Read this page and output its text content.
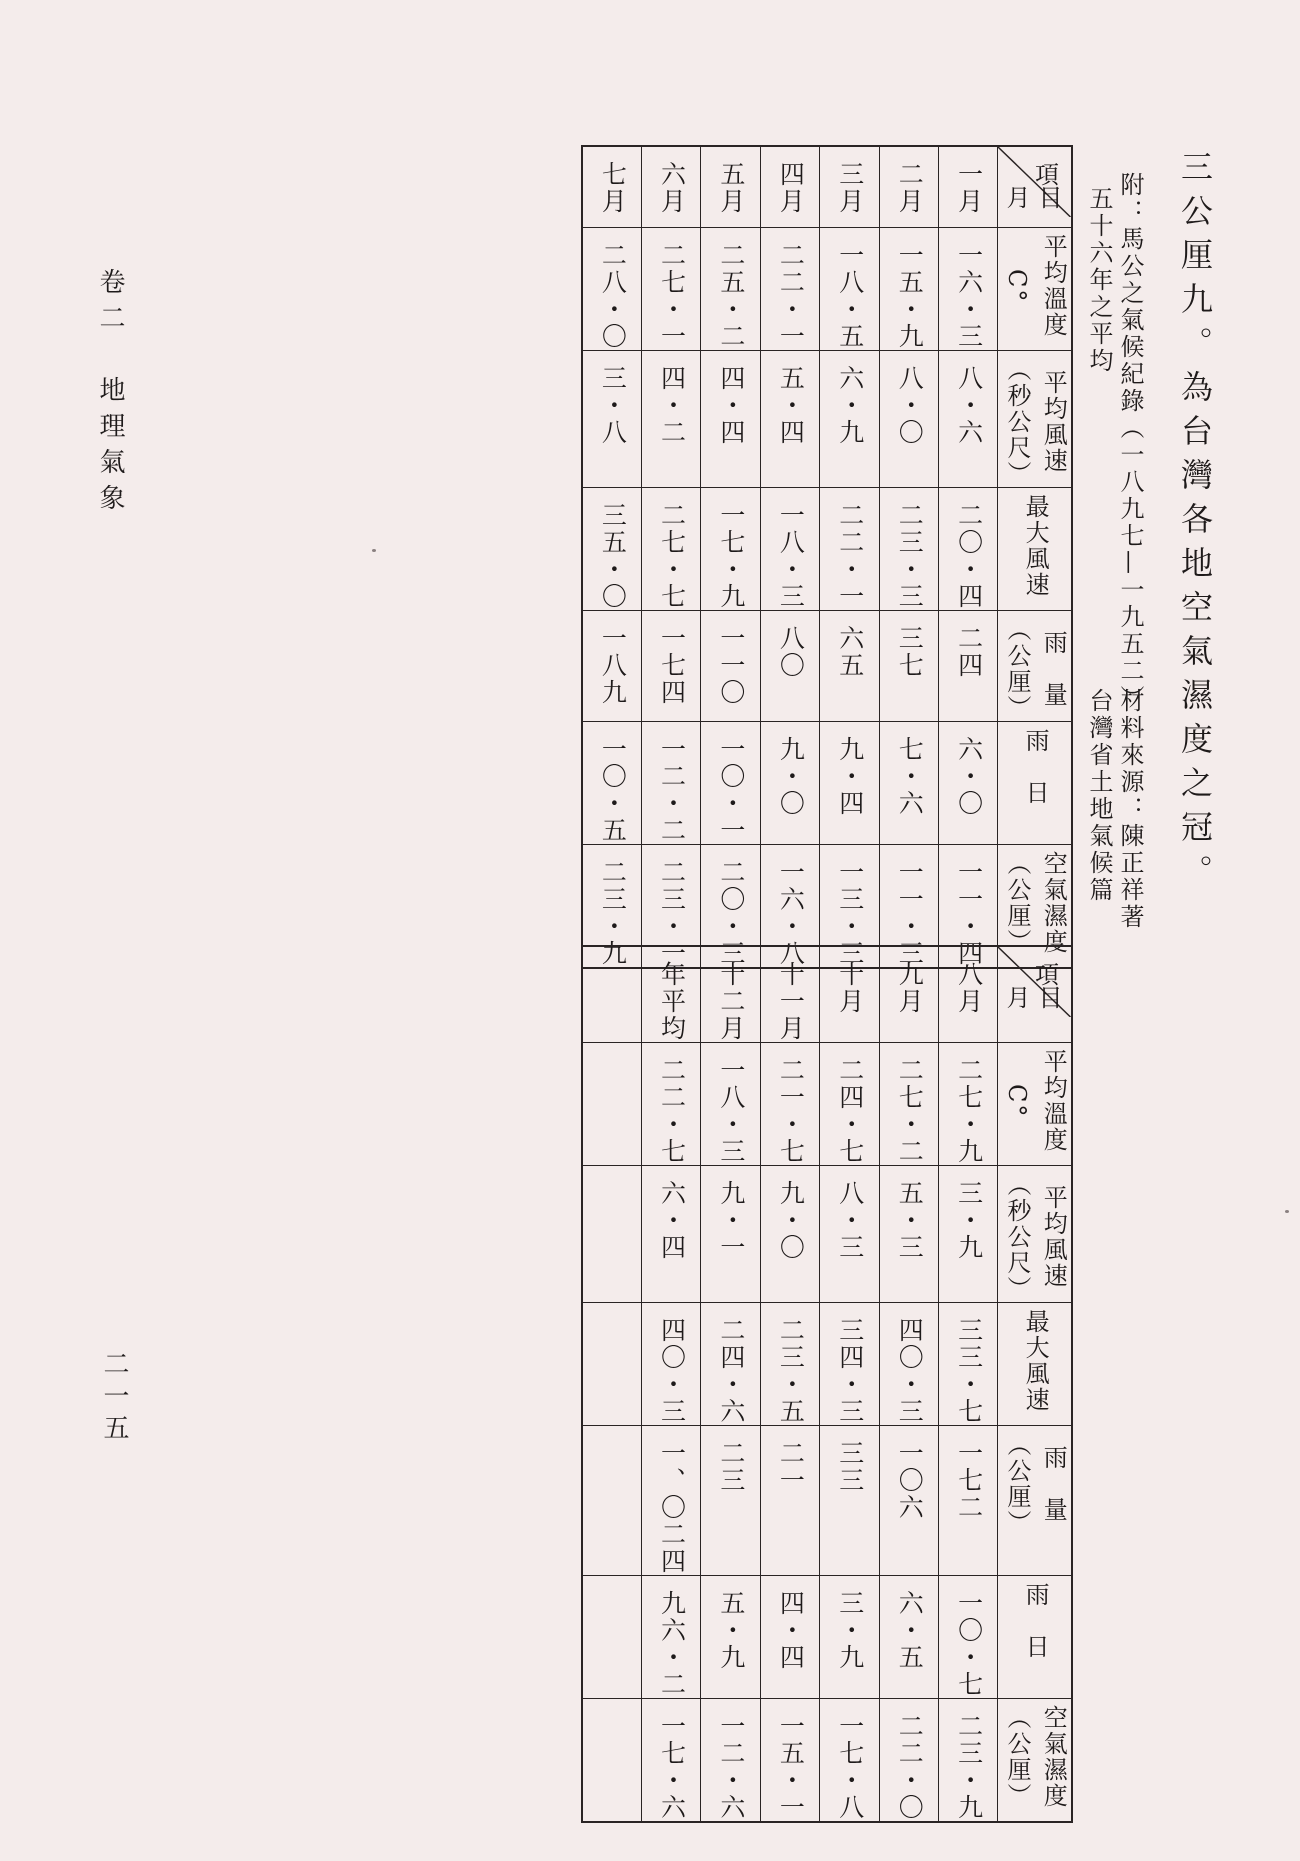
三公厘九。為台灣各地空氣濕度之冠。
附：馬公之氣候紀錄（一八九七—一九五二）
五十六年之平均
材料來源：陳正祥著
台灣省土地氣候篇
七月	六月	五月	四月	三月	二月	一月	項
月 目

二八・〇	二七・一	二五・二	二二・一	一八・五	一五・九	一六・三	平均溫度
C°

三・八	四・二	四・四	五・四	六・九	八・〇	八・六	平均風速
（秒公尺）

三五・〇	二七・七	一七・九	一八・三	二二・一	二三・三	二〇・四	最大風速

一八九	一七四	一一〇	八〇	六五	三七	二四	雨　量
（公厘）

一〇・五	一二・二	一〇・一	九・〇	九・四	七・六	六・〇	雨　日

二三・九	二三・一	二〇・三	一六・八	一三・三	一一・三	一一・四	空氣濕度
（公厘）

	年平均	十二月	十一月	十月	九月	八月	項
月 目

	二二・七	一八・三	二一・七	二四・七	二七・二	二七・九	平均溫度
C°

	六・四	九・一	九・〇	八・三	五・三	三・九	平均風速
（秒公尺）

	四〇・三	二四・六	二三・五	三四・三	四〇・三	三三・七	最大風速

	一、〇二四	二三	二一	三三	一〇六	一七二	雨　量
（公厘）

	九六・二	五・九	四・四	三・九	六・五	一〇・七	雨　日

	一七・六	一二・六	一五・一	一七・八	二二・〇	二三・九	空氣濕度
（公厘）
卷二　地理氣象
二一五
